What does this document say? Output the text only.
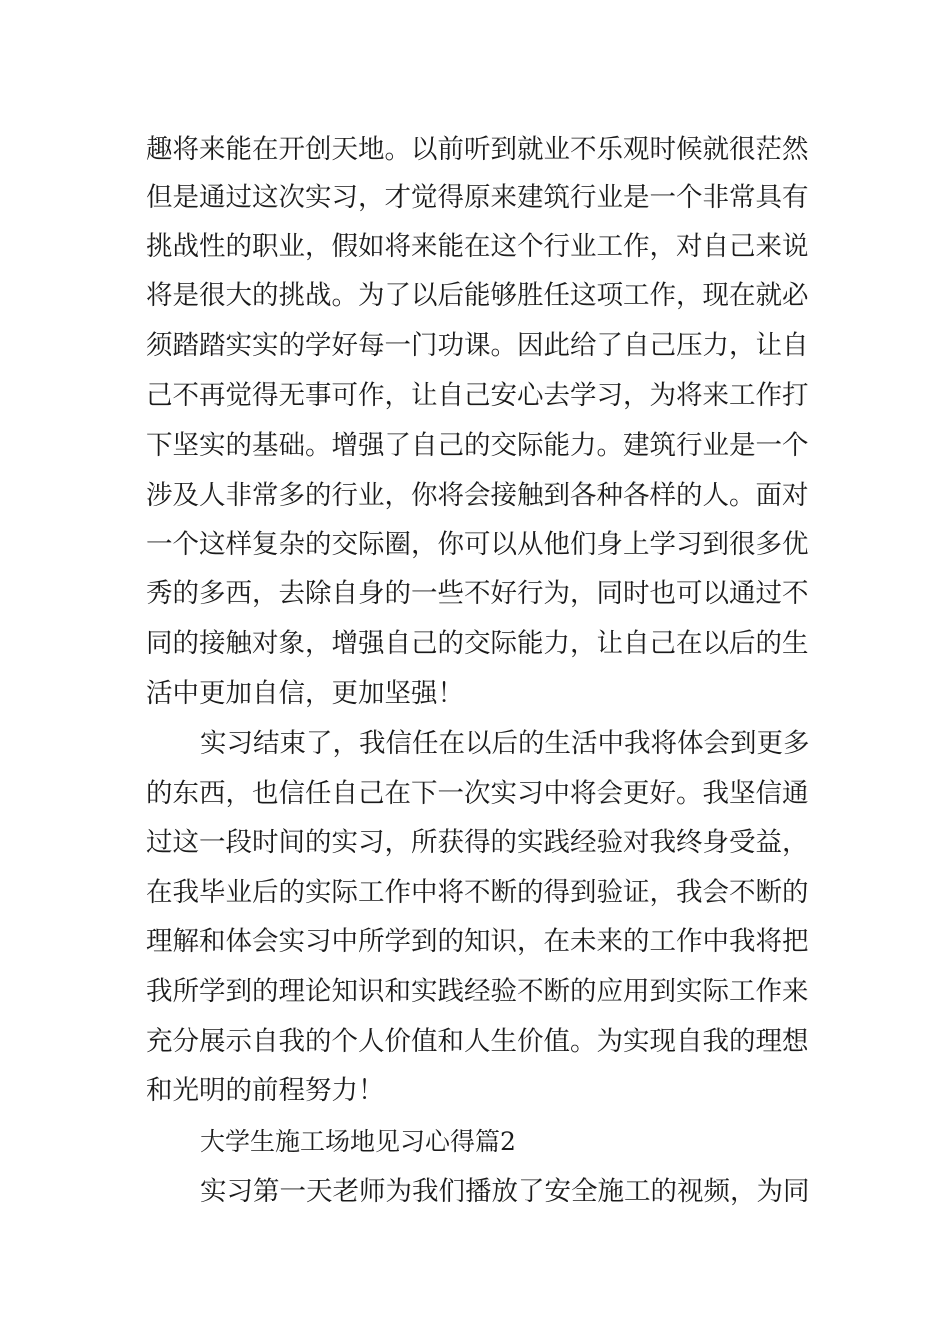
趣将来能在开创天地。以前听到就业不乐观时候就很茫然
但是通过这次实习，才觉得原来建筑行业是一个非常具有
挑战性的职业，假如将来能在这个行业工作，对自己来说
将是很大的挑战。为了以后能够胜任这项工作，现在就必
须踏踏实实的学好每一门功课。因此给了自己压力，让自
己不再觉得无事可作，让自己安心去学习，为将来工作打
下坚实的基础。增强了自己的交际能力。建筑行业是一个
涉及人非常多的行业，你将会接触到各种各样的人。面对
一个这样复杂的交际圈，你可以从他们身上学习到很多优
秀的多西，去除自身的一些不好行为，同时也可以通过不
同的接触对象，增强自己的交际能力，让自己在以后的生
活中更加自信，更加坚强！
实习结束了，我信任在以后的生活中我将体会到更多
的东西，也信任自己在下一次实习中将会更好。我坚信通
过这一段时间的实习，所获得的实践经验对我终身受益，
在我毕业后的实际工作中将不断的得到验证，我会不断的
理解和体会实习中所学到的知识，在未来的工作中我将把
我所学到的理论知识和实践经验不断的应用到实际工作来
充分展示自我的个人价值和人生价值。为实现自我的理想
和光明的前程努力！
大学生施工场地见习心得篇2
实习第一天老师为我们播放了安全施工的视频，为同
